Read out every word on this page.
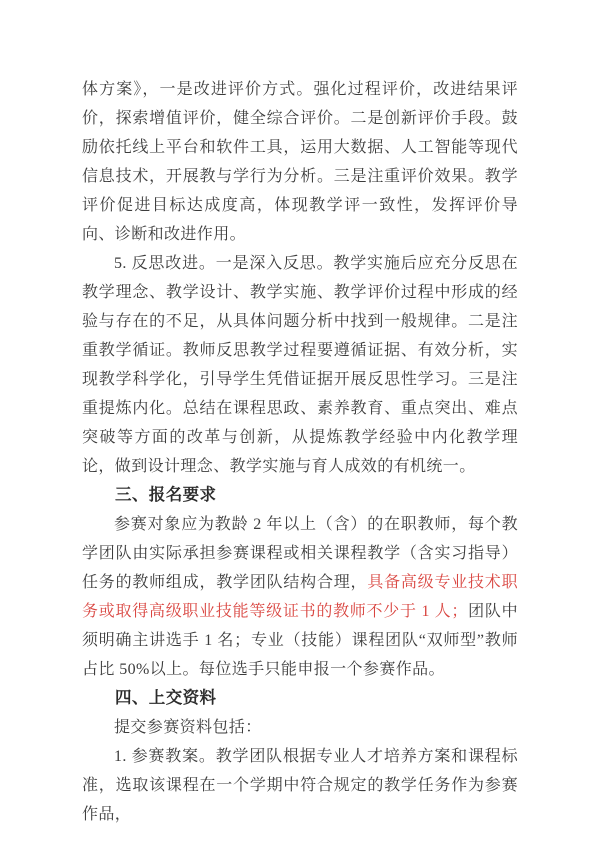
体方案》，一是改进评价方式。强化过程评价，改进结果评价，探索增值评价，健全综合评价。二是创新评价手段。鼓励依托线上平台和软件工具，运用大数据、人工智能等现代信息技术，开展教与学行为分析。三是注重评价效果。教学评价促进目标达成度高，体现教学评一致性，发挥评价导向、诊断和改进作用。

5. 反思改进。一是深入反思。教学实施后应充分反思在教学理念、教学设计、教学实施、教学评价过程中形成的经验与存在的不足，从具体问题分析中找到一般规律。二是注重教学循证。教师反思教学过程要遵循证据、有效分析，实现教学科学化，引导学生凭借证据开展反思性学习。三是注重提炼内化。总结在课程思政、素养教育、重点突出、难点突破等方面的改革与创新，从提炼教学经验中内化教学理论，做到设计理念、教学实施与育人成效的有机统一。

三、报名要求

参赛对象应为教龄 2 年以上（含）的在职教师，每个教学团队由实际承担参赛课程或相关课程教学（含实习指导）任务的教师组成，教学团队结构合理，具备高级专业技术职务或取得高级职业技能等级证书的教师不少于 1 人；团队中须明确主讲选手 1 名；专业（技能）课程团队“双师型”教师占比 50%以上。每位选手只能申报一个参赛作品。

四、上交资料

提交参赛资料包括：

1. 参赛教案。教学团队根据专业人才培养方案和课程标准，选取该课程在一个学期中符合规定的教学任务作为参赛作品，
